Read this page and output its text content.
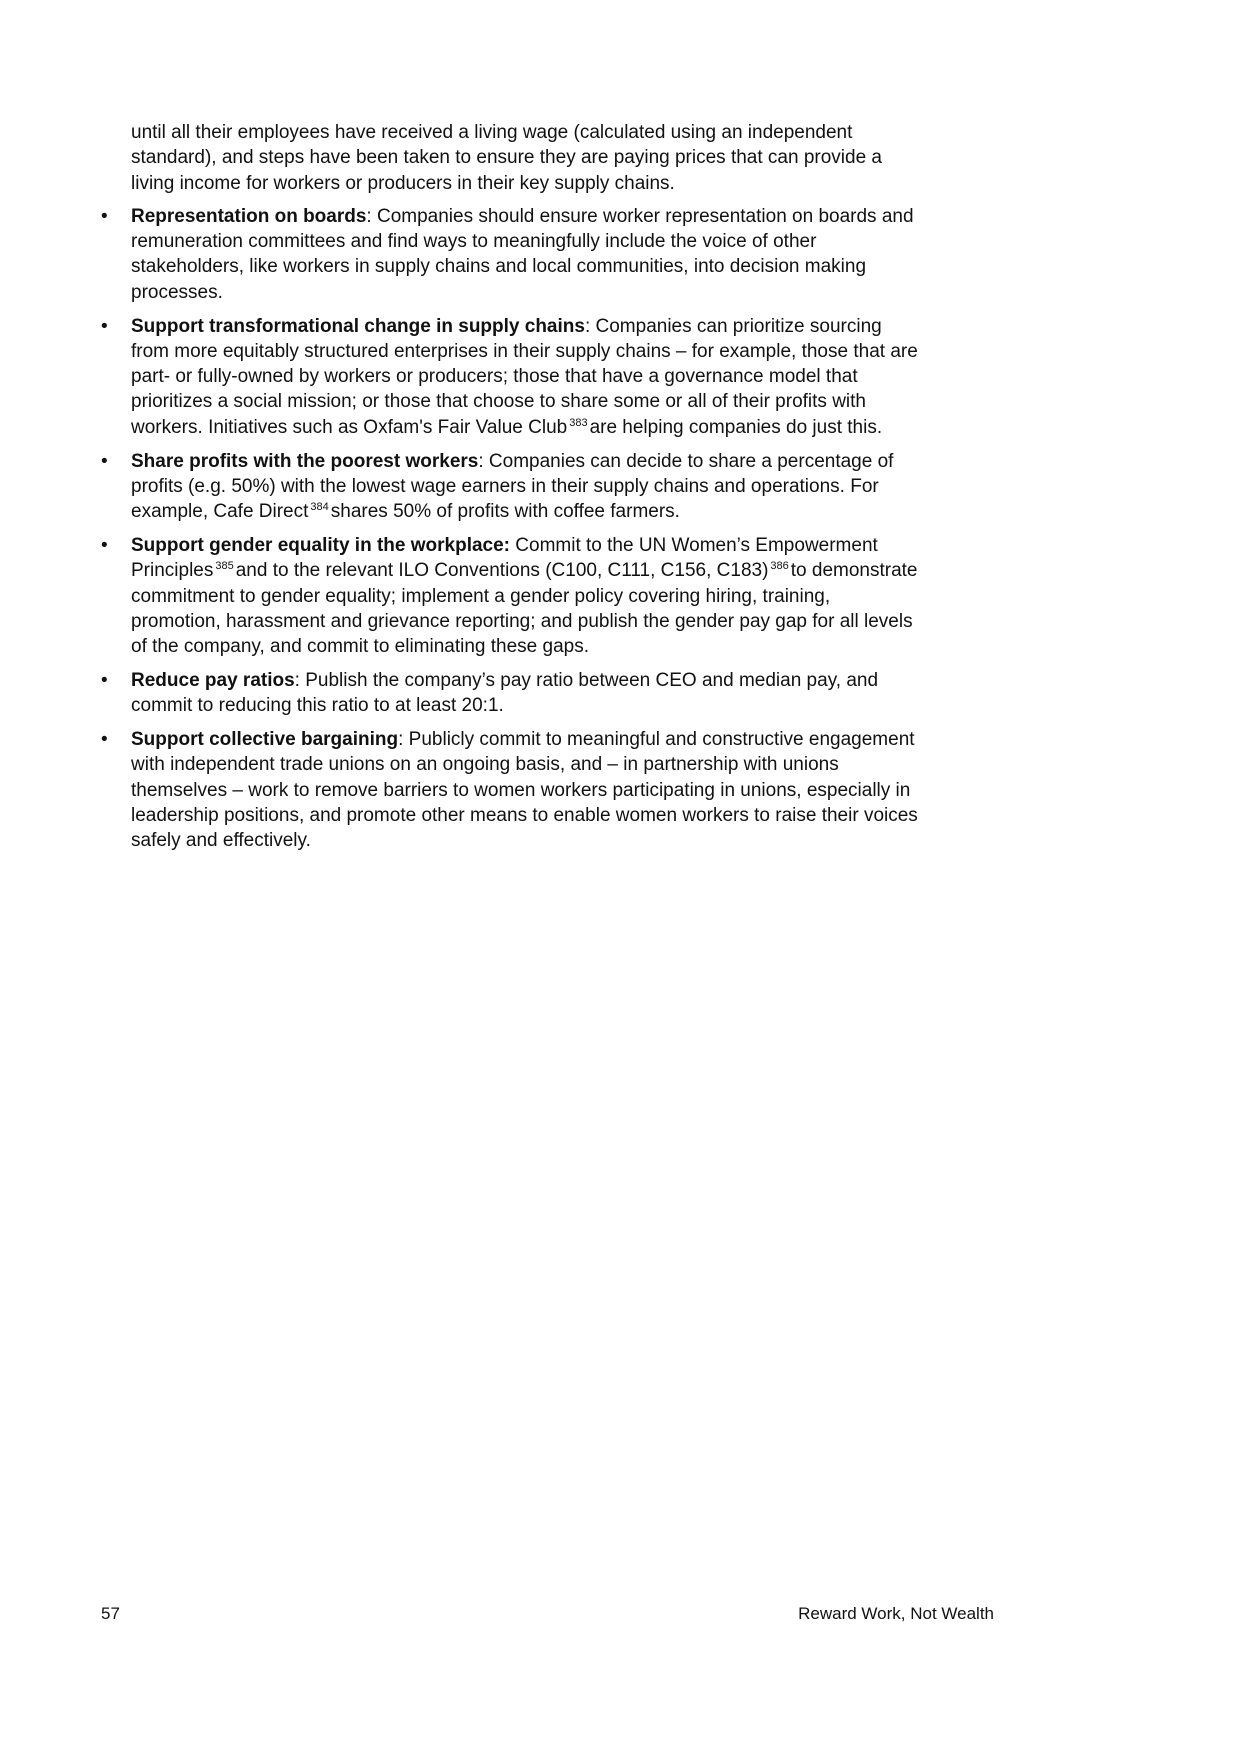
until all their employees have received a living wage (calculated using an independent standard), and steps have been taken to ensure they are paying prices that can provide a living income for workers or producers in their key supply chains.

•	Representation on boards: Companies should ensure worker representation on boards and remuneration committees and find ways to meaningfully include the voice of other stakeholders, like workers in supply chains and local communities, into decision making processes.
•	Support transformational change in supply chains: Companies can prioritize sourcing from more equitably structured enterprises in their supply chains – for example, those that are part- or fully-owned by workers or producers; those that have a governance model that prioritizes a social mission; or those that choose to share some or all of their profits with workers. Initiatives such as Oxfam's Fair Value Club $^{383}$ are helping companies do just this.
•	Share profits with the poorest workers: Companies can decide to share a percentage of profits (e.g. 50%) with the lowest wage earners in their supply chains and operations. For example, Cafe Direct $^{384}$ shares 50% of profits with coffee farmers.
•	Support gender equality in the workplace: Commit to the UN Women’s Empowerment Principles $^{385}$ and to the relevant ILO Conventions (C100, C111, C156, C183) $^{386}$ to demonstrate commitment to gender equality; implement a gender policy covering hiring, training, promotion, harassment and grievance reporting; and publish the gender pay gap for all levels of the company, and commit to eliminating these gaps.
•	Reduce pay ratios: Publish the company’s pay ratio between CEO and median pay, and commit to reducing this ratio to at least 20:1.
•	Support collective bargaining: Publicly commit to meaningful and constructive engagement with independent trade unions on an ongoing basis, and – in partnership with unions themselves – work to remove barriers to women workers participating in unions, especially in leadership positions, and promote other means to enable women workers to raise their voices safely and effectively.
57	Reward Work, Not Wealth
